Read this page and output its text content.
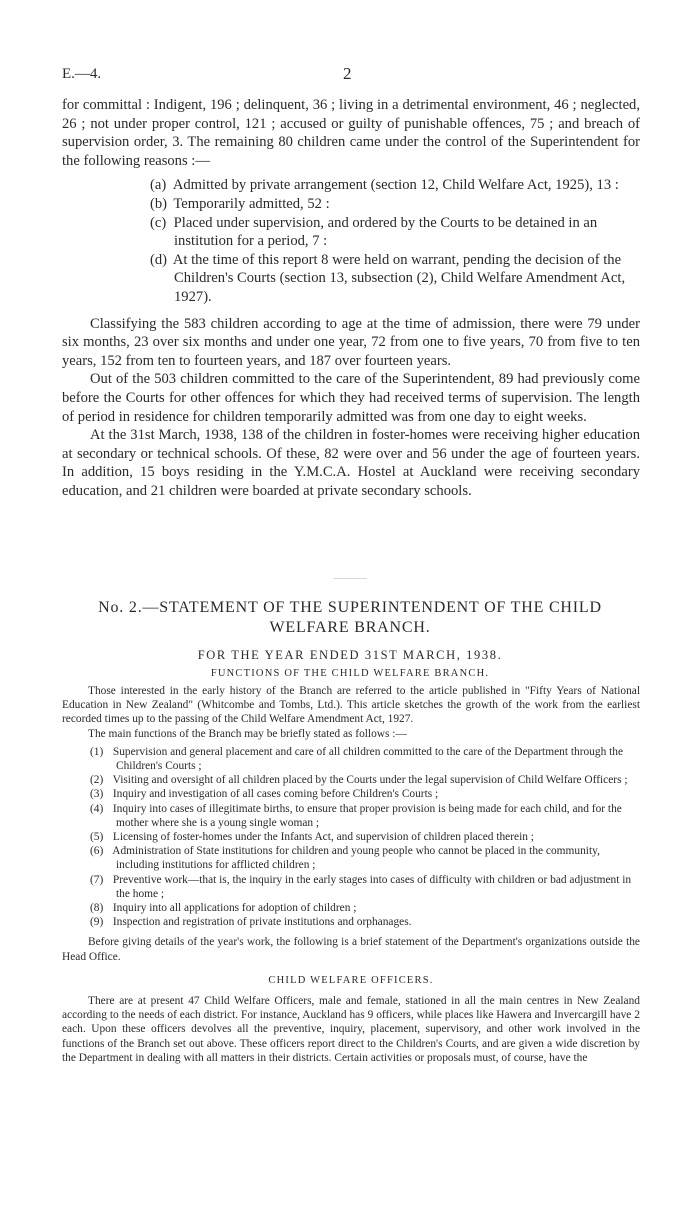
E.—4.	2

for committal : Indigent, 196 ; delinquent, 36 ; living in a detrimental environment, 46 ; neglected, 26 ; not under proper control, 121 ; accused or guilty of punishable offences, 75 ; and breach of supervision order, 3. The remaining 80 children came under the control of the Superintendent for the following reasons :—

(a) Admitted by private arrangement (section 12, Child Welfare Act, 1925), 13 :
(b) Temporarily admitted, 52 :
(c) Placed under supervision, and ordered by the Courts to be detained in an institution for a period, 7 :
(d) At the time of this report 8 were held on warrant, pending the decision of the Children's Courts (section 13, subsection (2), Child Welfare Amendment Act, 1927).

Classifying the 583 children according to age at the time of admission, there were 79 under six months, 23 over six months and under one year, 72 from one to five years, 70 from five to ten years, 152 from ten to fourteen years, and 187 over fourteen years.

Out of the 503 children committed to the care of the Superintendent, 89 had previously come before the Courts for other offences for which they had received terms of supervision. The length of period in residence for children temporarily admitted was from one day to eight weeks.

At the 31st March, 1938, 138 of the children in foster-homes were receiving higher education at secondary or technical schools. Of these, 82 were over and 56 under the age of fourteen years. In addition, 15 boys residing in the Y.M.C.A. Hostel at Auckland were receiving secondary education, and 21 children were boarded at private secondary schools.

No. 2.—STATEMENT OF THE SUPERINTENDENT OF THE CHILD WELFARE BRANCH.
FOR THE YEAR ENDED 31ST MARCH, 1938.
FUNCTIONS OF THE CHILD WELFARE BRANCH.

Those interested in the early history of the Branch are referred to the article published in "Fifty Years of National Education in New Zealand" (Whitcombe and Tombs, Ltd.). This article sketches the growth of the work from the earliest recorded times up to the passing of the Child Welfare Amendment Act, 1927.

The main functions of the Branch may be briefly stated as follows :—

(1) Supervision and general placement and care of all children committed to the care of the Department through the Children's Courts ;
(2) Visiting and oversight of all children placed by the Courts under the legal supervision of Child Welfare Officers ;
(3) Inquiry and investigation of all cases coming before Children's Courts ;
(4) Inquiry into cases of illegitimate births, to ensure that proper provision is being made for each child, and for the mother where she is a young single woman ;
(5) Licensing of foster-homes under the Infants Act, and supervision of children placed therein ;
(6) Administration of State institutions for children and young people who cannot be placed in the community, including institutions for afflicted children ;
(7) Preventive work—that is, the inquiry in the early stages into cases of difficulty with children or bad adjustment in the home ;
(8) Inquiry into all applications for adoption of children ;
(9) Inspection and registration of private institutions and orphanages.

Before giving details of the year's work, the following is a brief statement of the Department's organizations outside the Head Office.

CHILD WELFARE OFFICERS.

There are at present 47 Child Welfare Officers, male and female, stationed in all the main centres in New Zealand according to the needs of each district. For instance, Auckland has 9 officers, while places like Hawera and Invercargill have 2 each. Upon these officers devolves all the preventive, inquiry, placement, supervisory, and other work involved in the functions of the Branch set out above. These officers report direct to the Children's Courts, and are given a wide discretion by the Department in dealing with all matters in their districts. Certain activities or proposals must, of course, have the
